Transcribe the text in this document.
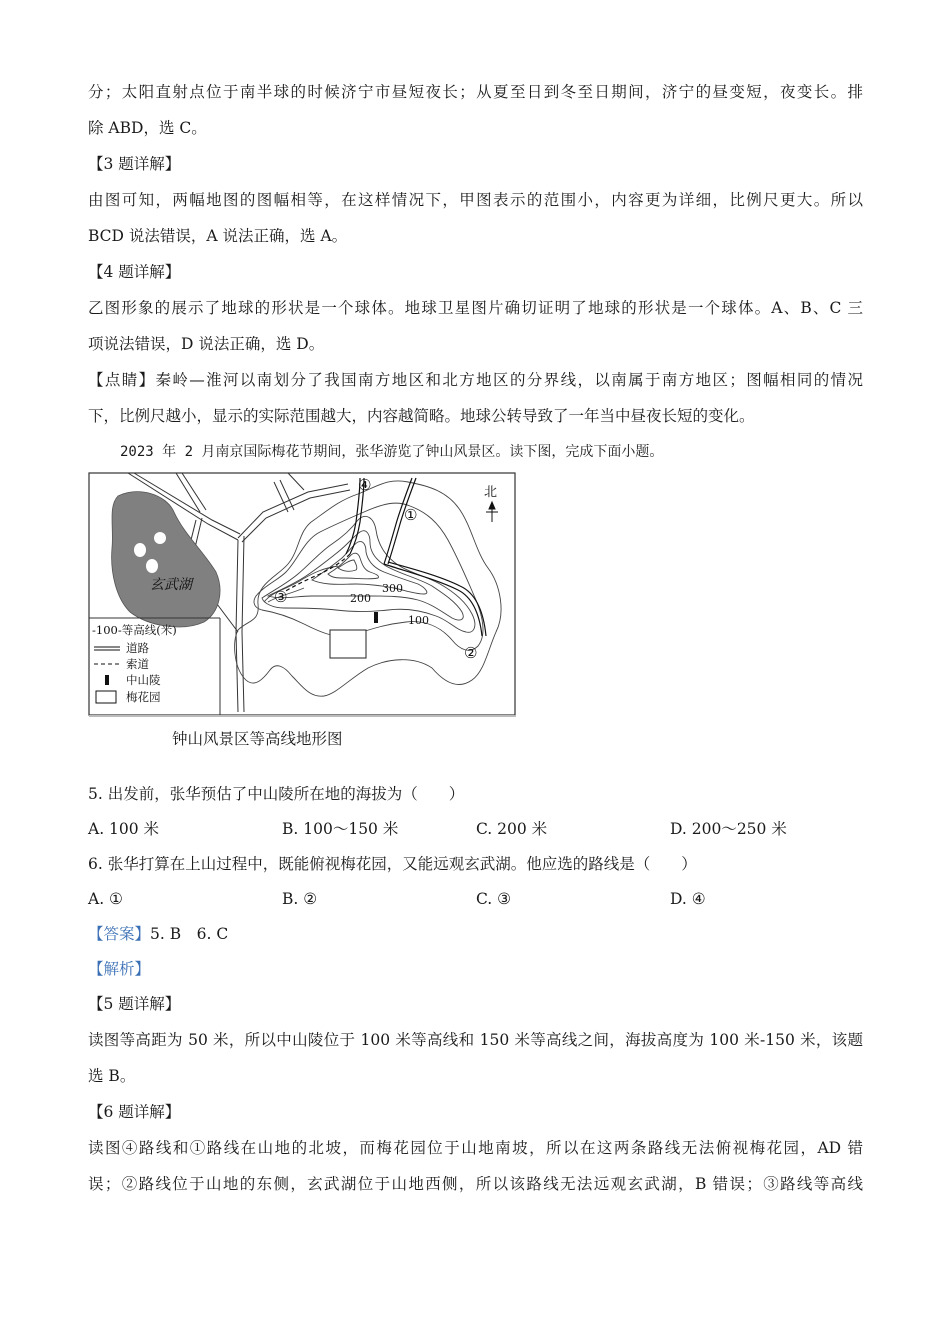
分；太阳直射点位于南半球的时候济宁市昼短夜长；从夏至日到冬至日期间，济宁的昼变短，夜变长。排
除 ABD，选 C。
【3 题详解】
由图可知，两幅地图的图幅相等，在这样情况下，甲图表示的范围小，内容更为详细，比例尺更大。所以
BCD 说法错误，A 说法正确，选 A。
【4 题详解】
乙图形象的展示了地球的形状是一个球体。地球卫星图片确切证明了地球的形状是一个球体。A、B、C 三
项说法错误，D 说法正确，选 D。
【点睛】秦岭—淮河以南划分了我国南方地区和北方地区的分界线，以南属于南方地区；图幅相同的情况
下，比例尺越小，显示的实际范围越大，内容越简略。地球公转导致了一年当中昼夜长短的变化。
2023 年 2 月南京国际梅花节期间，张华游览了钟山风景区。读下图，完成下面小题。
玄武湖	300
200
100
④
①
②
③
北
-100-等高线(米)
道路
索道
中山陵
梅花园
钟山风景区等高线地形图
5. 出发前，张华预估了中山陵所在地的海拔为（　　）
A. 100 米	B. 100～150 米	C. 200 米	D. 200～250 米
6. 张华打算在上山过程中，既能俯视梅花园，又能远观玄武湖。他应选的路线是（　　）
A. ①	B. ②	C. ③	D. ④
【答案】5. B　6. C
【解析】
【5 题详解】
读图等高距为 50 米，所以中山陵位于 100 米等高线和 150 米等高线之间，海拔高度为 100 米-150 米，该题
选 B。
【6 题详解】
读图④路线和①路线在山地的北坡，而梅花园位于山地南坡，所以在这两条路线无法俯视梅花园，AD 错
误；②路线位于山地的东侧，玄武湖位于山地西侧，所以该路线无法远观玄武湖，B 错误；③路线等高线
